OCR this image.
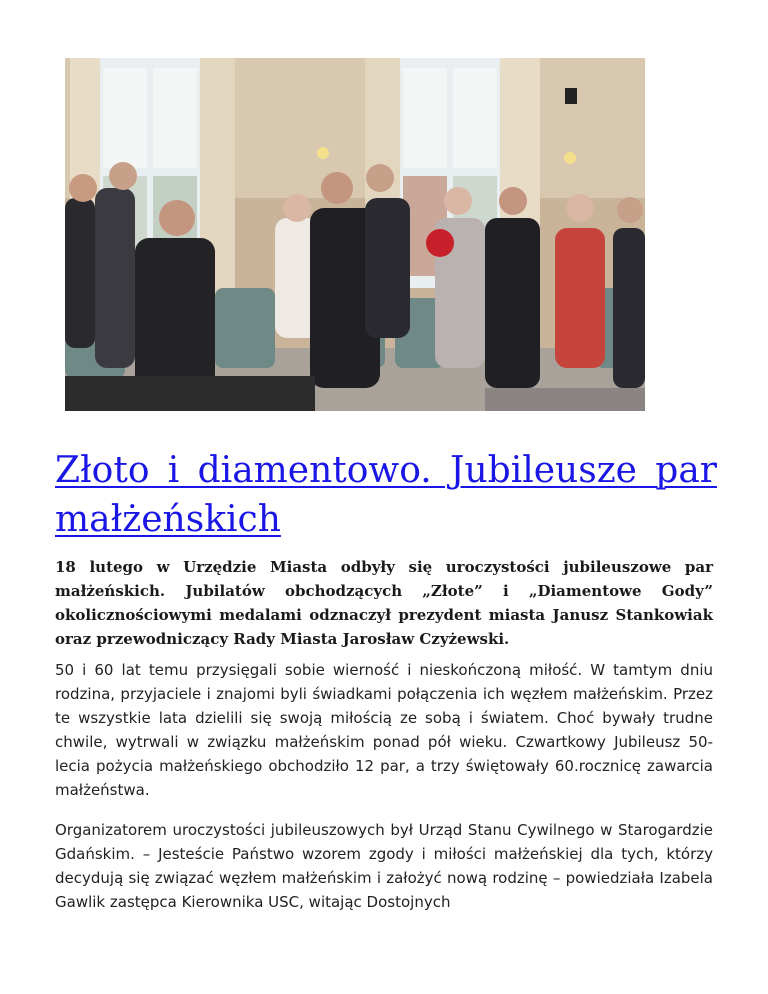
Złoto i diamentowo. Jubileusze par małżeńskich

18 lutego w Urzędzie Miasta odbyły się uroczystości jubileuszowe par małżeńskich. Jubilatów obchodzących „Złote” i „Diamentowe Gody” okolicznościowymi medalami odznaczył prezydent miasta Janusz Stankowiak oraz przewodniczący Rady Miasta Jarosław Czyżewski.

50 i 60 lat temu przysięgali sobie wierność i nieskończoną miłość. W tamtym dniu rodzina, przyjaciele i znajomi byli świadkami połączenia ich węzłem małżeńskim. Przez te wszystkie lata dzielili się swoją miłością ze sobą i światem. Choć bywały trudne chwile, wytrwali w związku małżeńskim ponad pół wieku. Czwartkowy Jubileusz 50-lecia pożycia małżeńskiego obchodziło 12 par, a trzy świętowały 60.rocznicę zawarcia małżeństwa.

Organizatorem uroczystości jubileuszowych był Urząd Stanu Cywilnego w Starogardzie Gdańskim. – Jesteście Państwo wzorem zgody i miłości małżeńskiej dla tych, którzy decydują się związać węzłem małżeńskim i założyć nową rodzinę – powiedziała Izabela Gawlik zastępca Kierownika USC, witając Dostojnych
